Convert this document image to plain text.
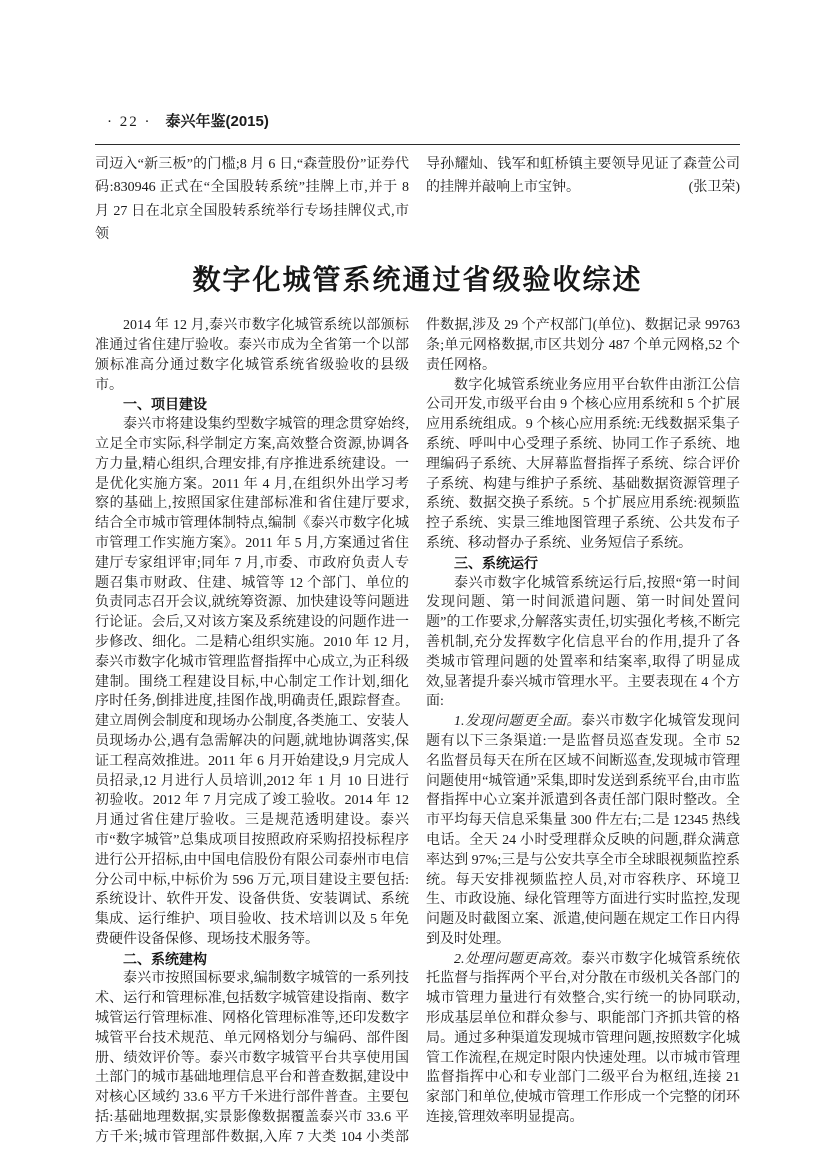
· 22 · 泰兴年鉴(2015)

司迈入“新三板”的门槛;8 月 6 日,“森萱股份”证券代码:830946 正式在“全国股转系统”挂牌上市,并于 8 月 27 日在北京全国股转系统举行专场挂牌仪式,市领

导孙耀灿、钱军和虹桥镇主要领导见证了森萱公司的挂牌并敲响上市宝钟。	(张卫荣)

数字化城管系统通过省级验收综述

2014 年 12 月,泰兴市数字化城管系统以部颁标准通过省住建厅验收。泰兴市成为全省第一个以部颁标准高分通过数字化城管系统省级验收的县级市。

一、项目建设

泰兴市将建设集约型数字城管的理念贯穿始终,立足全市实际,科学制定方案,高效整合资源,协调各方力量,精心组织,合理安排,有序推进系统建设。一是优化实施方案。2011 年 4 月,在组织外出学习考察的基础上,按照国家住建部标准和省住建厅要求,结合全市城市管理体制特点,编制《泰兴市数字化城市管理工作实施方案》。2011 年 5 月,方案通过省住建厅专家组评审;同年 7 月,市委、市政府负责人专题召集市财政、住建、城管等 12 个部门、单位的负责同志召开会议,就统筹资源、加快建设等问题进行论证。会后,又对该方案及系统建设的问题作进一步修改、细化。二是精心组织实施。2010 年 12 月,泰兴市数字化城市管理监督指挥中心成立,为正科级建制。围绕工程建设目标,中心制定工作计划,细化序时任务,倒排进度,挂图作战,明确责任,跟踪督查。建立周例会制度和现场办公制度,各类施工、安装人员现场办公,遇有急需解决的问题,就地协调落实,保证工程高效推进。2011 年 6 月开始建设,9 月完成人员招录,12 月进行人员培训,2012 年 1 月 10 日进行初验收。2012 年 7 月完成了竣工验收。2014 年 12 月通过省住建厅验收。三是规范透明建设。泰兴市“数字城管”总集成项目按照政府采购招投标程序进行公开招标,由中国电信股份有限公司泰州市电信分公司中标,中标价为 596 万元,项目建设主要包括:系统设计、软件开发、设备供货、安装调试、系统集成、运行维护、项目验收、技术培训以及 5 年免费硬件设备保修、现场技术服务等。

二、系统建构

泰兴市按照国标要求,编制数字城管的一系列技术、运行和管理标准,包括数字城管建设指南、数字城管运行管理标准、网格化管理标准等,还印发数字城管平台技术规范、单元网格划分与编码、部件图册、绩效评价等。泰兴市数字城管平台共享使用国土部门的城市基础地理信息平台和普查数据,建设中对核心区域约 33.6 平方千米进行部件普查。主要包括:基础地理数据,实景影像数据覆盖泰兴市 33.6 平方千米;城市管理部件数据,入库 7 大类 104 小类部件数据,涉及 29 个产权部门(单位)、数据记录 99763 条;单元网格数据,市区共划分 487 个单元网格,52 个责任网格。

数字化城管系统业务应用平台软件由浙江公信公司开发,市级平台由 9 个核心应用系统和 5 个扩展应用系统组成。9 个核心应用系统:无线数据采集子系统、呼叫中心受理子系统、协同工作子系统、地理编码子系统、大屏幕监督指挥子系统、综合评价子系统、构建与维护子系统、基础数据资源管理子系统、数据交换子系统。5 个扩展应用系统:视频监控子系统、实景三维地图管理子系统、公共发布子系统、移动督办子系统、业务短信子系统。

三、系统运行

泰兴市数字化城管系统运行后,按照“第一时间发现问题、第一时间派遣问题、第一时间处置问题”的工作要求,分解落实责任,切实强化考核,不断完善机制,充分发挥数字化信息平台的作用,提升了各类城市管理问题的处置率和结案率,取得了明显成效,显著提升泰兴城市管理水平。主要表现在 4 个方面:

1.发现问题更全面。泰兴市数字化城管发现问题有以下三条渠道:一是监督员巡查发现。全市 52 名监督员每天在所在区域不间断巡查,发现城市管理问题使用“城管通”采集,即时发送到系统平台,由市监督指挥中心立案并派遣到各责任部门限时整改。全市平均每天信息采集量 300 件左右;二是 12345 热线电话。全天 24 小时受理群众反映的问题,群众满意率达到 97%;三是与公安共享全市全球眼视频监控系统。每天安排视频监控人员,对市容秩序、环境卫生、市政设施、绿化管理等方面进行实时监控,发现问题及时截图立案、派遣,使问题在规定工作日内得到及时处理。

2.处理问题更高效。泰兴市数字化城管系统依托监督与指挥两个平台,对分散在市级机关各部门的城市管理力量进行有效整合,实行统一的协同联动,形成基层单位和群众参与、职能部门齐抓共管的格局。通过多种渠道发现城市管理问题,按照数字化城管工作流程,在规定时限内快速处理。以市城市管理监督指挥中心和专业部门二级平台为枢纽,连接 21 家部门和单位,使城市管理工作形成一个完整的闭环连接,管理效率明显提高。
